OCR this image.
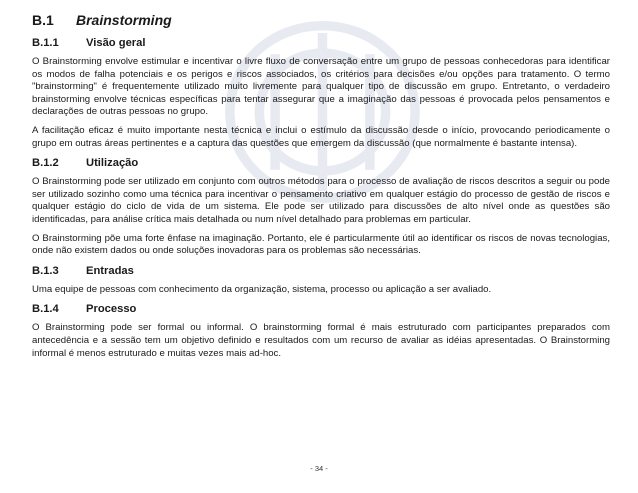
B.1 Brainstorming
B.1.1 Visão geral

O Brainstorming envolve estimular e incentivar o livre fluxo de conversação entre um grupo de pessoas conhecedoras para identificar os modos de falha potenciais e os perigos e riscos associados, os critérios para decisões e/ou opções para tratamento. O termo "brainstorming" é frequentemente utilizado muito livremente para qualquer tipo de discussão em grupo. Entretanto, o verdadeiro brainstorming envolve técnicas específicas para tentar assegurar que a imaginação das pessoas é provocada pelos pensamentos e declarações de outras pessoas no grupo.

A facilitação eficaz é muito importante nesta técnica e inclui o estímulo da discussão desde o início, provocando periodicamente o grupo em outras áreas pertinentes e a captura das questões que emergem da discussão (que normalmente é bastante intensa).

B.1.2 Utilização

O Brainstorming pode ser utilizado em conjunto com outros métodos para o processo de avaliação de riscos descritos a seguir ou pode ser utilizado sozinho como uma técnica para incentivar o pensamento criativo em qualquer estágio do processo de gestão de riscos e qualquer estágio do ciclo de vida de um sistema. Ele pode ser utilizado para discussões de alto nível onde as questões são identificadas, para análise crítica mais detalhada ou num nível detalhado para problemas em particular.

O Brainstorming põe uma forte ênfase na imaginação. Portanto, ele é particularmente útil ao identificar os riscos de novas tecnologias, onde não existem dados ou onde soluções inovadoras para os problemas são necessárias.

B.1.3 Entradas

Uma equipe de pessoas com conhecimento da organização, sistema, processo ou aplicação a ser avaliado.

B.1.4 Processo

O Brainstorming pode ser formal ou informal. O brainstorming formal é mais estruturado com participantes preparados com antecedência e a sessão tem um objetivo definido e resultados com um recurso de avaliar as idéias apresentadas. O Brainstorming informal é menos estruturado e muitas vezes mais ad-hoc.

- 34 -
